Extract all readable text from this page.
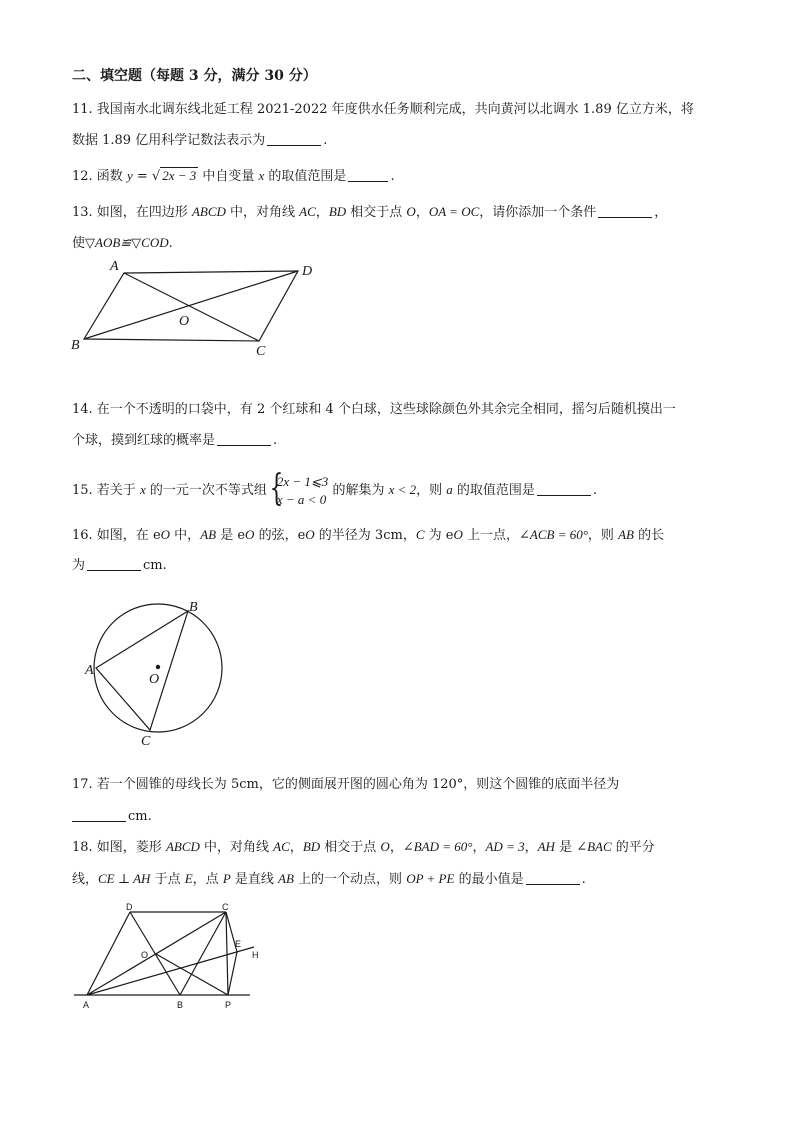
二、填空题（每题 3 分，满分 30 分）
11. 我国南水北调东线北延工程 2021-2022 年度供水任务顺利完成，共向黄河以北调水 1.89 亿立方米，将
数据 1.89 亿用科学记数法表示为	.
12. 函数 y = √ 2x − 3 中自变量 x 的取值范围是	.
13. 如图，在四边形 ABCD 中，对角线 AC，BD 相交于点 O，OA = OC，请你添加一个条件	，
使▽AOB≌▽COD.
A	D
B	C
O
14. 在一个不透明的口袋中，有 2 个红球和 4 个白球，这些球除颜色外其余完全相同，摇匀后随机摸出一
个球，摸到红球的概率是	.
15. 若关于 x 的一元一次不等式组 {
2x − 1⩽3
x − a < 0
的解集为 x < 2，则 a 的取值范围是	.
16. 如图，在 eO 中，AB 是 eO 的弦，eO 的半径为 3cm，C 为 eO 上一点，∠ACB = 60°，则 AB 的长
为	cm.
B
A
O
C
17. 若一个圆锥的母线长为 5cm，它的侧面展开图的圆心角为 120°，则这个圆锥的底面半径为
cm.
18. 如图，菱形 ABCD 中，对角线 AC，BD 相交于点 O，∠BAD = 60°，AD = 3，AH 是 ∠BAC 的平分
线，CE ⊥ AH 于点 E，点 P 是直线 AB 上的一个动点，则 OP + PE 的最小值是	.
D	C
E
H
O
A	B	P
